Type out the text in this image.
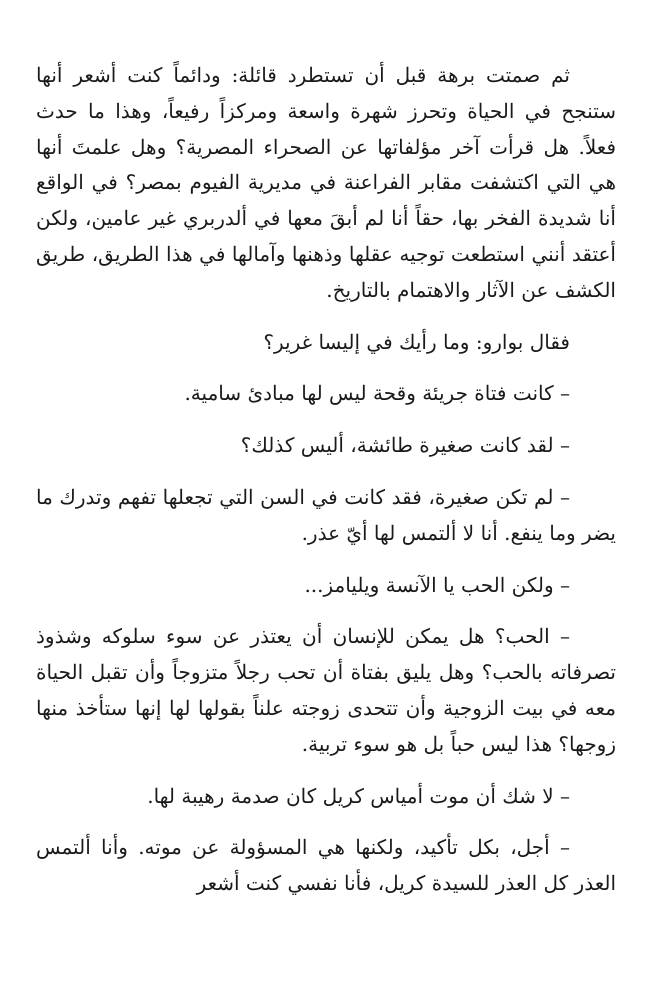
ثم صمتت برهة قبل أن تستطرد قائلة: ودائماً كنت أشعر أنها ستنجح في الحياة وتحرز شهرة واسعة ومركزاً رفيعاً، وهذا ما حدث فعلاً. هل قرأت آخر مؤلفاتها عن الصحراء المصرية؟ وهل علمتَ أنها هي التي اكتشفت مقابر الفراعنة في مديرية الفيوم بمصر؟ في الواقع أنا شديدة الفخر بها، حقاً أنا لم أبقَ معها في ألدربري غير عامين، ولكن أعتقد أنني استطعت توجيه عقلها وذهنها وآمالها في هذا الطريق، طريق الكشف عن الآثار والاهتمام بالتاريخ.

فقال بوارو: وما رأيك في إليسا غرير؟

– كانت فتاة جريئة وقحة ليس لها مبادئ سامية.

– لقد كانت صغيرة طائشة، أليس كذلك؟

– لم تكن صغيرة، فقد كانت في السن التي تجعلها تفهم وتدرك ما يضر وما ينفع. أنا لا ألتمس لها أيّ عذر.

– ولكن الحب يا الآنسة ويليامز...

– الحب؟ هل يمكن للإنسان أن يعتذر عن سوء سلوكه وشذوذ تصرفاته بالحب؟ وهل يليق بفتاة أن تحب رجلاً متزوجاً وأن تقبل الحياة معه في بيت الزوجية وأن تتحدى زوجته علناً بقولها لها إنها ستأخذ منها زوجها؟ هذا ليس حباً بل هو سوء تربية.

– لا شك أن موت أمياس كريل كان صدمة رهيبة لها.

– أجل، بكل تأكيد، ولكنها هي المسؤولة عن موته. وأنا ألتمس العذر كل العذر للسيدة كريل، فأنا نفسي كنت أشعر
